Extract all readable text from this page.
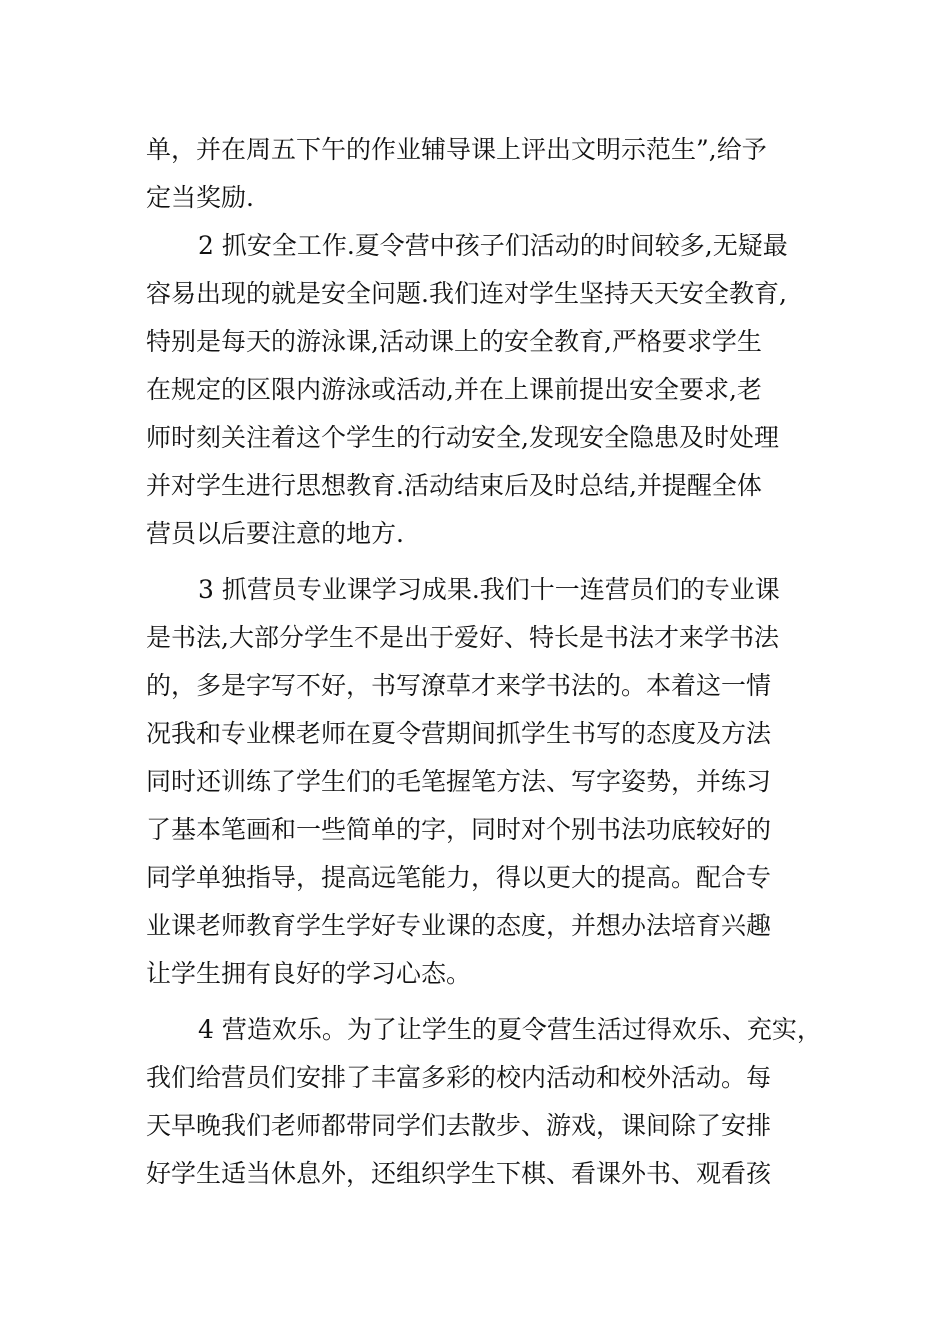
单，并在周五下午的作业辅导课上评出文明示范生”,给予
定当奖励.
2 抓安全工作.夏令营中孩子们活动的时间较多,无疑最
容易出现的就是安全问题.我们连对学生坚持天天安全教育,
特别是每天的游泳课,活动课上的安全教育,严格要求学生
在规定的区限内游泳或活动,并在上课前提出安全要求,老
师时刻关注着这个学生的行动安全,发现安全隐患及时处理
并对学生进行思想教育.活动结束后及时总结,并提醒全体
营员以后要注意的地方.
3 抓营员专业课学习成果.我们十一连营员们的专业课
是书法,大部分学生不是出于爱好、特长是书法才来学书法
的，多是字写不好，书写潦草才来学书法的。本着这一情
况我和专业棵老师在夏令营期间抓学生书写的态度及方法
同时还训练了学生们的毛笔握笔方法、写字姿势，并练习
了基本笔画和一些简单的字，同时对个别书法功底较好的
同学单独指导，提高远笔能力，得以更大的提高。配合专
业课老师教育学生学好专业课的态度，并想办法培育兴趣
让学生拥有良好的学习心态。
4 营造欢乐。为了让学生的夏令营生活过得欢乐、充实，
我们给营员们安排了丰富多彩的校内活动和校外活动。每
天早晚我们老师都带同学们去散步、游戏，课间除了安排
好学生适当休息外，还组织学生下棋、看课外书、观看孩
